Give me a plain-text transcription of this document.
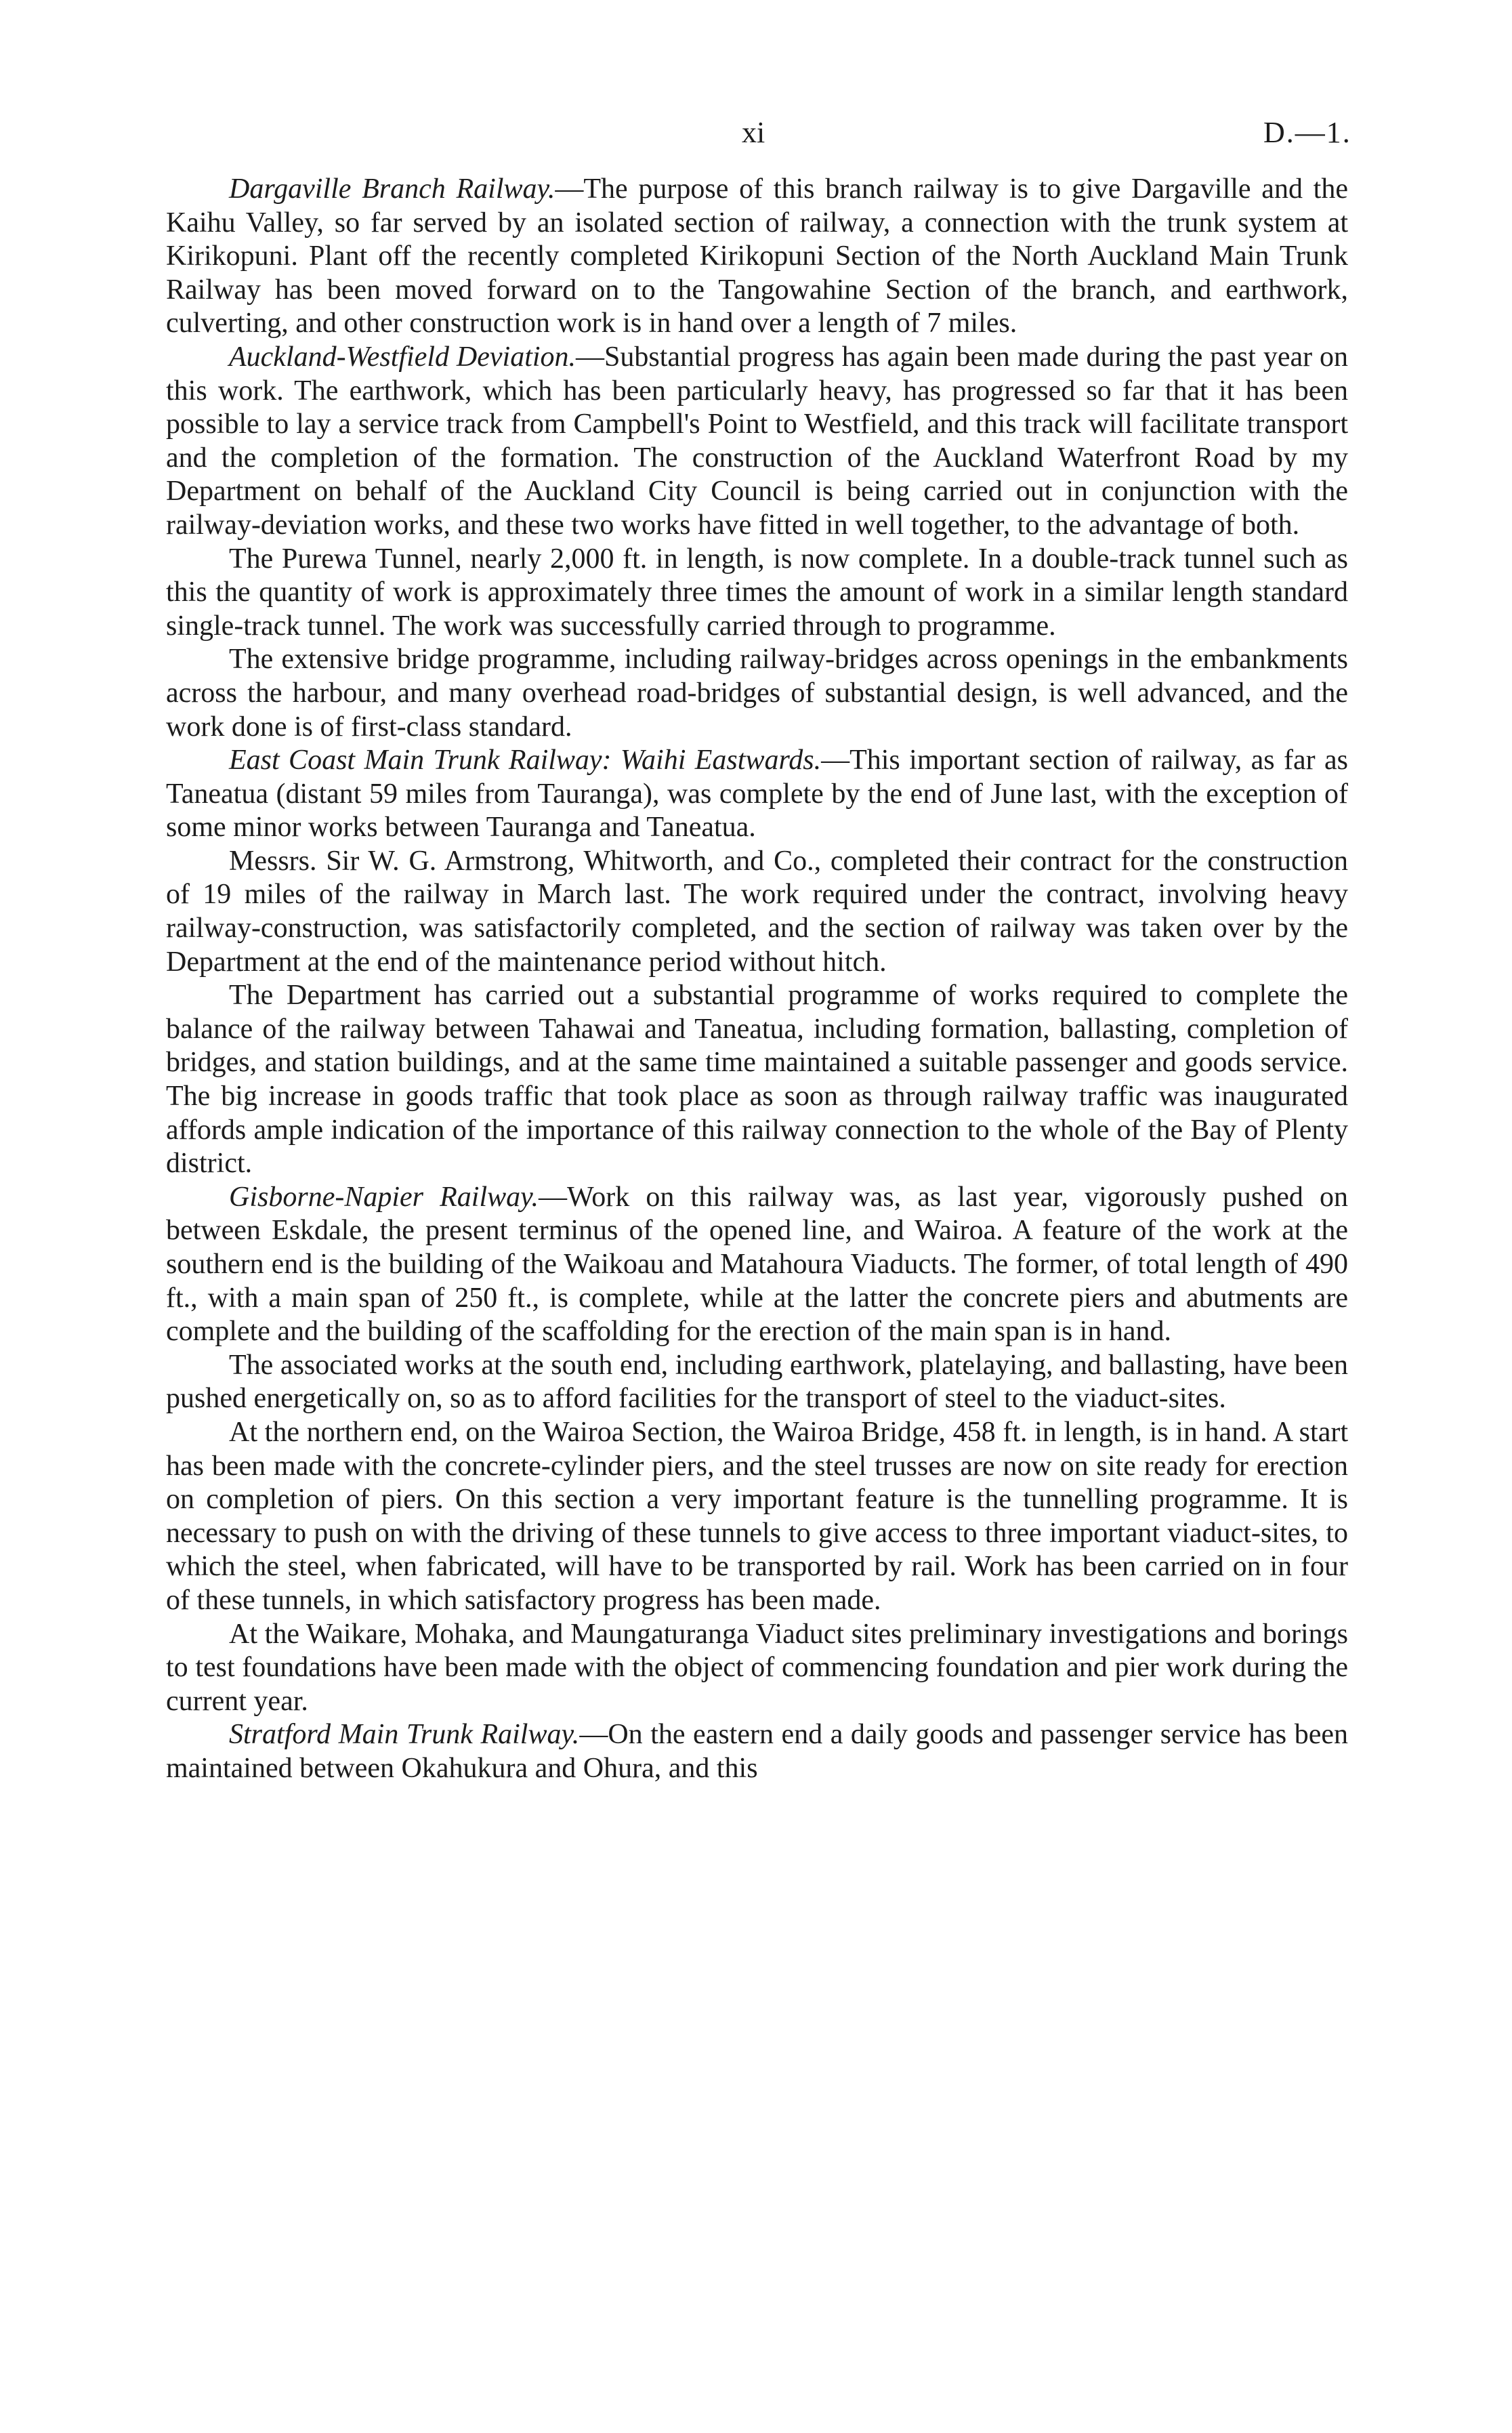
xi	D.—1.

Dargaville Branch Railway.—The purpose of this branch railway is to give Dargaville and the Kaihu Valley, so far served by an isolated section of railway, a connection with the trunk system at Kirikopuni. Plant off the recently completed Kirikopuni Section of the North Auckland Main Trunk Railway has been moved forward on to the Tangowahine Section of the branch, and earthwork, culverting, and other construction work is in hand over a length of 7 miles.

Auckland-Westfield Deviation.—Substantial progress has again been made during the past year on this work. The earthwork, which has been particularly heavy, has progressed so far that it has been possible to lay a service track from Campbell's Point to Westfield, and this track will facilitate transport and the completion of the formation. The construction of the Auckland Waterfront Road by my Department on behalf of the Auckland City Council is being carried out in conjunction with the railway-deviation works, and these two works have fitted in well together, to the advantage of both.

The Purewa Tunnel, nearly 2,000 ft. in length, is now complete. In a double-track tunnel such as this the quantity of work is approximately three times the amount of work in a similar length standard single-track tunnel. The work was successfully carried through to programme.

The extensive bridge programme, including railway-bridges across openings in the embankments across the harbour, and many overhead road-bridges of substantial design, is well advanced, and the work done is of first-class standard.

East Coast Main Trunk Railway: Waihi Eastwards.—This important section of railway, as far as Taneatua (distant 59 miles from Tauranga), was complete by the end of June last, with the exception of some minor works between Tauranga and Taneatua.

Messrs. Sir W. G. Armstrong, Whitworth, and Co., completed their contract for the construction of 19 miles of the railway in March last. The work required under the contract, involving heavy railway-construction, was satisfactorily completed, and the section of railway was taken over by the Department at the end of the maintenance period without hitch.

The Department has carried out a substantial programme of works required to complete the balance of the railway between Tahawai and Taneatua, including formation, ballasting, completion of bridges, and station buildings, and at the same time maintained a suitable passenger and goods service. The big increase in goods traffic that took place as soon as through railway traffic was inaugurated affords ample indication of the importance of this railway connection to the whole of the Bay of Plenty district.

Gisborne-Napier Railway.—Work on this railway was, as last year, vigorously pushed on between Eskdale, the present terminus of the opened line, and Wairoa. A feature of the work at the southern end is the building of the Waikoau and Matahoura Viaducts. The former, of total length of 490 ft., with a main span of 250 ft., is complete, while at the latter the concrete piers and abutments are complete and the building of the scaffolding for the erection of the main span is in hand.

The associated works at the south end, including earthwork, platelaying, and ballasting, have been pushed energetically on, so as to afford facilities for the transport of steel to the viaduct-sites.

At the northern end, on the Wairoa Section, the Wairoa Bridge, 458 ft. in length, is in hand. A start has been made with the concrete-cylinder piers, and the steel trusses are now on site ready for erection on completion of piers. On this section a very important feature is the tunnelling programme. It is necessary to push on with the driving of these tunnels to give access to three important viaduct-sites, to which the steel, when fabricated, will have to be transported by rail. Work has been carried on in four of these tunnels, in which satisfactory progress has been made.

At the Waikare, Mohaka, and Maungaturanga Viaduct sites preliminary investigations and borings to test foundations have been made with the object of commencing foundation and pier work during the current year.

Stratford Main Trunk Railway.—On the eastern end a daily goods and passenger service has been maintained between Okahukura and Ohura, and this
